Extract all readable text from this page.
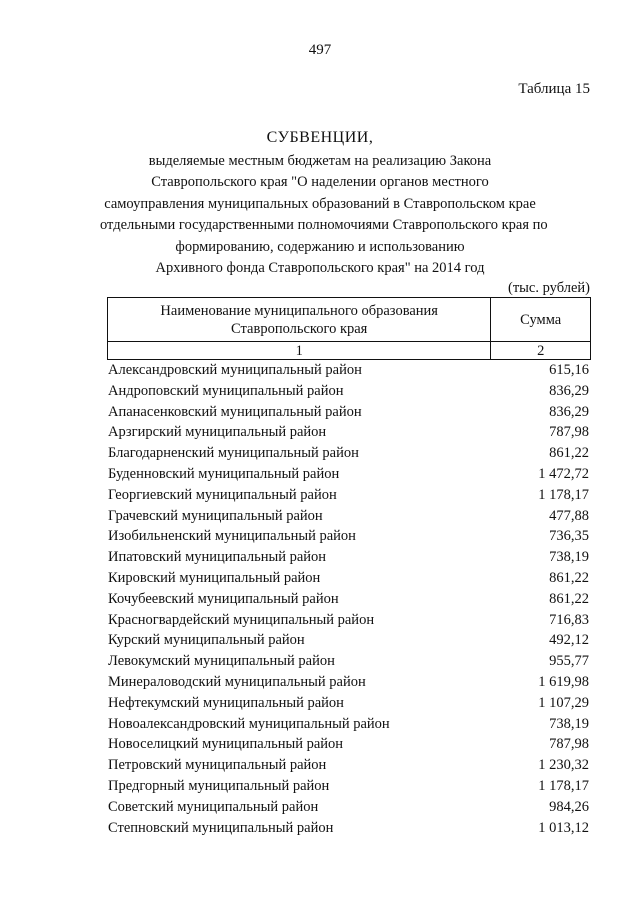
497
Таблица 15
СУБВЕНЦИИ,
выделяемые местным бюджетам на реализацию Закона
Ставропольского края "О наделении органов местного
самоуправления муниципальных образований в Ставропольском крае
отдельными государственными полномочиями Ставропольского края по
формированию, содержанию и использованию
Архивного фонда Ставропольского края" на 2014 год
(тыс. рублей)
Наименование муниципального образования Ставропольского края	Сумма
1	2
Александровский муниципальный район	615,16
Андроповский муниципальный район	836,29
Апанасенковский муниципальный район	836,29
Арзгирский муниципальный район	787,98
Благодарненский муниципальный район	861,22
Буденновский муниципальный район	1 472,72
Георгиевский муниципальный район	1 178,17
Грачевский муниципальный район	477,88
Изобильненский муниципальный район	736,35
Ипатовский муниципальный район	738,19
Кировский муниципальный район	861,22
Кочубеевский муниципальный район	861,22
Красногвардейский муниципальный район	716,83
Курский муниципальный район	492,12
Левокумский муниципальный район	955,77
Минераловодский муниципальный район	1 619,98
Нефтекумский муниципальный район	1 107,29
Новоалександровский муниципальный район	738,19
Новоселицкий муниципальный район	787,98
Петровский муниципальный район	1 230,32
Предгорный муниципальный район	1 178,17
Советский муниципальный район	984,26
Степновский муниципальный район	1 013,12
